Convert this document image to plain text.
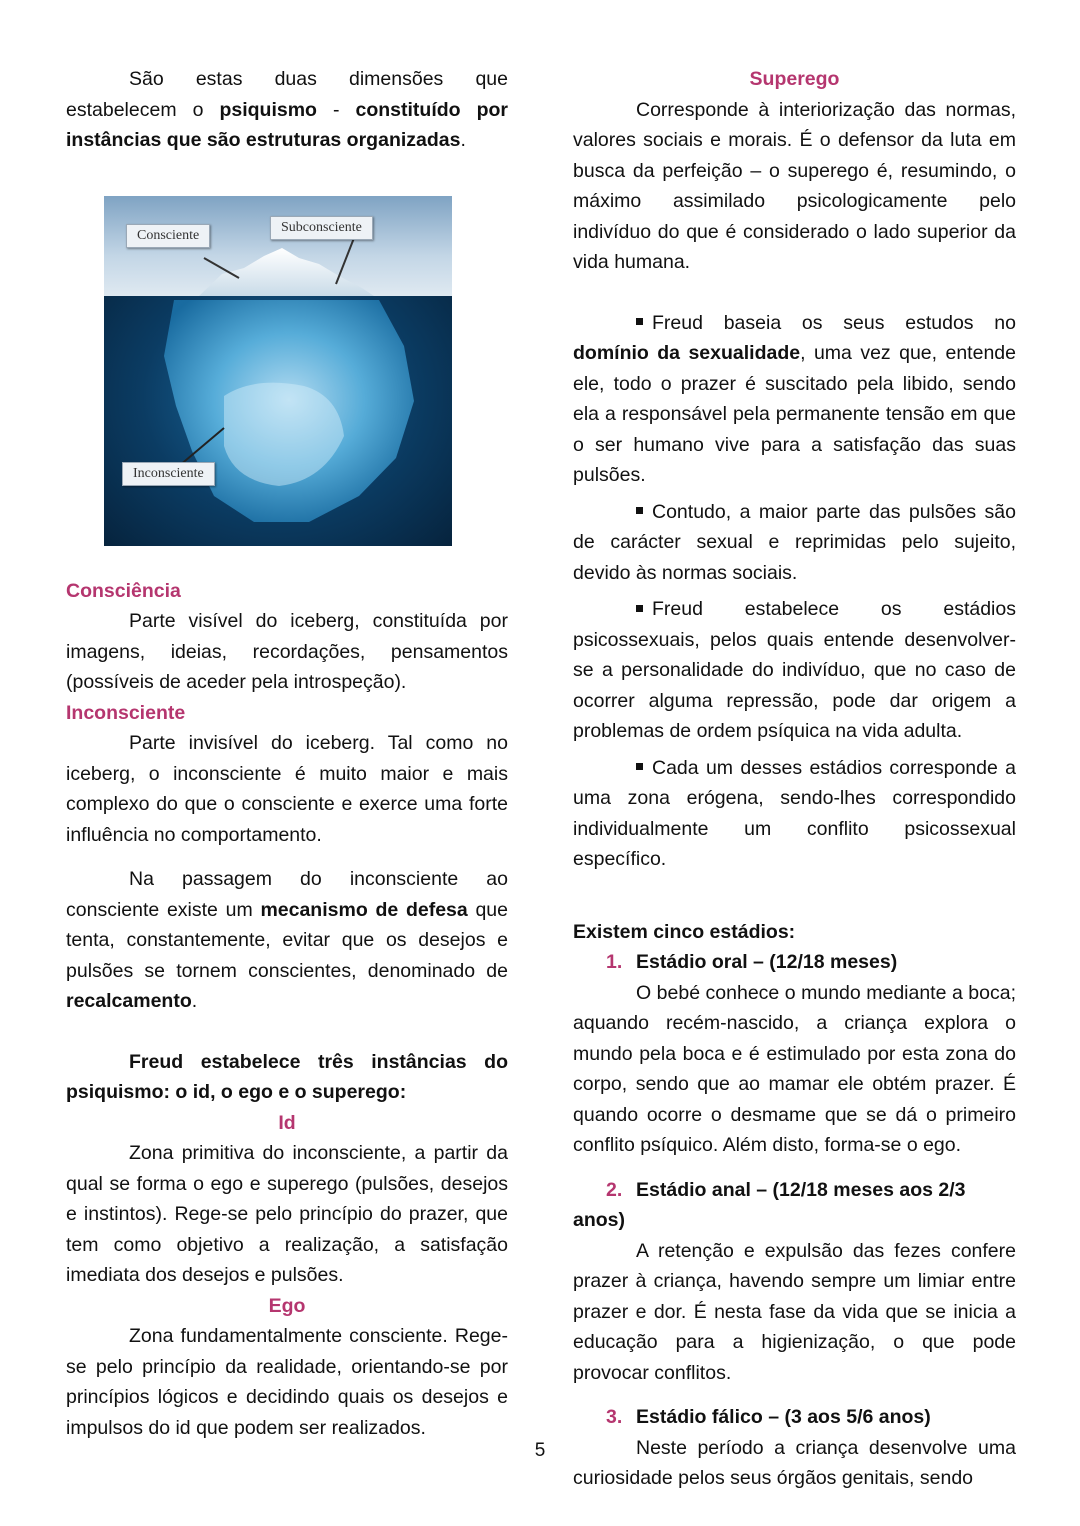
São estas duas dimensões que estabelecem o psiquismo - constituído por instâncias que são estruturas organizadas.

Consciente
Subconsciente
Inconsciente
Consciência

Parte visível do iceberg, constituída por imagens, ideias, recordações, pensamentos (possíveis de aceder pela introspeção).

Inconsciente

Parte invisível do iceberg. Tal como no iceberg, o inconsciente é muito maior e mais complexo do que o consciente e exerce uma forte influência no comportamento.

Na passagem do inconsciente ao consciente existe um mecanismo de defesa que tenta, constantemente, evitar que os desejos e pulsões se tornem conscientes, denominado de recalcamento.

Freud estabelece três instâncias do psiquismo: o id, o ego e o superego:

Id

Zona primitiva do inconsciente, a partir da qual se forma o ego e superego (pulsões, desejos e instintos). Rege-se pelo princípio do prazer, que tem como objetivo a realização, a satisfação imediata dos desejos e pulsões.

Ego

Zona fundamentalmente consciente. Rege-se pelo princípio da realidade, orientando-se por princípios lógicos e decidindo quais os desejos e impulsos do id que podem ser realizados.

Superego

Corresponde à interiorização das normas, valores sociais e morais. É o defensor da luta em busca da perfeição – o superego é, resumindo, o máximo assimilado psicologicamente pelo indivíduo do que é considerado o lado superior da vida humana.

Freud baseia os seus estudos no domínio da sexualidade, uma vez que, entende ele, todo o prazer é suscitado pela libido, sendo ela a responsável pela permanente tensão em que o ser humano vive para a satisfação das suas pulsões.

Contudo, a maior parte das pulsões são de carácter sexual e reprimidas pelo sujeito, devido às normas sociais.

Freud estabelece os estádios psicossexuais, pelos quais entende desenvolver-se a personalidade do indivíduo, que no caso de ocorrer alguma repressão, pode dar origem a problemas de ordem psíquica na vida adulta.

Cada um desses estádios corresponde a uma zona erógena, sendo-lhes correspondido individualmente um conflito psicossexual específico.

Existem cinco estádios:
1. Estádio oral – (12/18 meses)

O bebé conhece o mundo mediante a boca; aquando recém-nascido, a criança explora o mundo pela boca e é estimulado por esta zona do corpo, sendo que ao mamar ele obtém prazer. É quando ocorre o desmame que se dá o primeiro conflito psíquico. Além disto, forma-se o ego.

2. Estádio anal – (12/18 meses aos 2/3 anos)

A retenção e expulsão das fezes confere prazer à criança, havendo sempre um limiar entre prazer e dor. É nesta fase da vida que se inicia a educação para a higienização, o que pode provocar conflitos.

3. Estádio fálico – (3 aos 5/6 anos)

Neste período a criança desenvolve uma curiosidade pelos seus órgãos genitais, sendo

5
